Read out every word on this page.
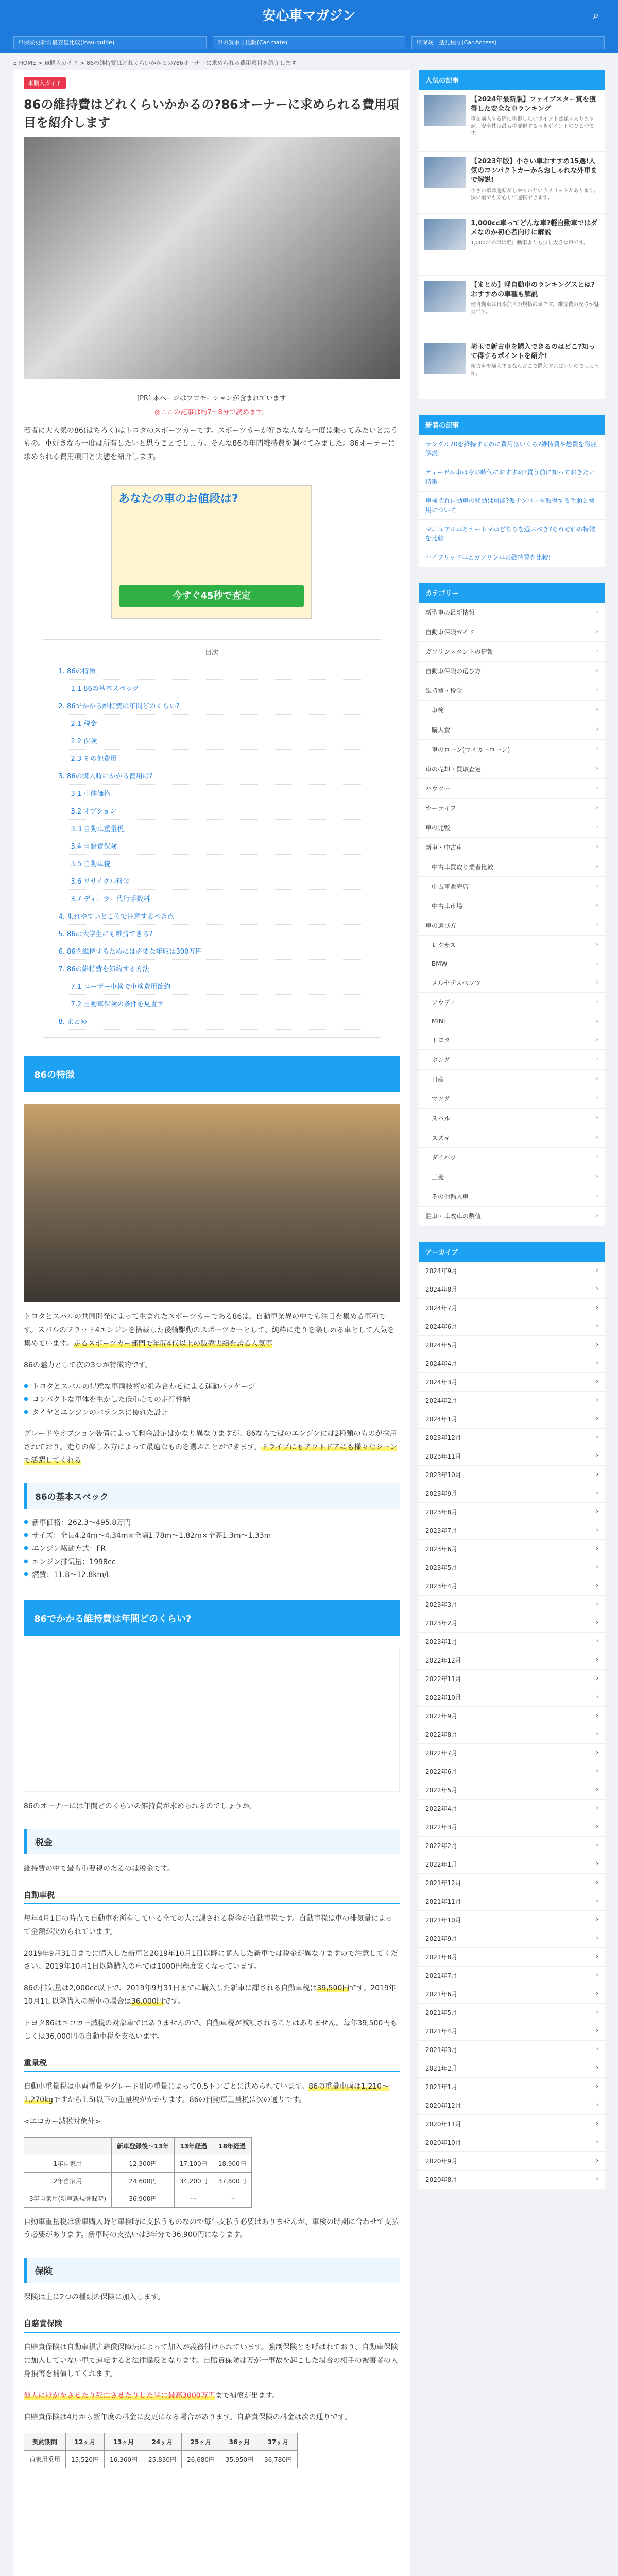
安心車マガジン	⌕
車保険更新の最安値比較(Insu-guide)	車の買取り比較(Car-mate)	車保険一括見積り(Car-Access)
⌂ HOME > 車購入ガイド > 86の維持費はどれくらいかかるの?86オーナーに求められる費用項目を紹介します
車購入ガイド
86の維持費はどれくらいかかるの?86オーナーに求められる費用項目を紹介します
[PR] 本ページはプロモーションが含まれています
◎ここの記事は約7～8分で読めます。

若者に大人気の86(はちろく)はトヨタのスポーツカーです。スポーツカーが好きな人なら一度は乗ってみたいと思うもの。車好きなら一度は所有したいと思うことでしょう。そんな86の年間維持費を調べてみました。86オーナーに求められる費用項目と実態を紹介します。

あなたの車のお値段は?
今すぐ45秒で査定
目次
1. 86の特徴
1.1 86の基本スペック
2. 86でかかる維持費は年間どのくらい?
2.1 税金
2.2 保険
2.3 その他費用
3. 86の購入時にかかる費用は?
3.1 車体価格
3.2 オプション
3.3 自動車重量税
3.4 自賠責保険
3.5 自動車税
3.6 リサイクル料金
3.7 ディーラー代行手数料
4. 乗れやすいところで注意するべき点
5. 86は大学生にも維持できる?
6. 86を維持するためには必要な年収は300万円
7. 86の維持費を節約する方法
7.1 ユーザー車検で車検費用節約
7.2 自動車保険の条件を見直す
8. まとめ
86の特徴

トヨタとスバルの共同開発によって生まれたスポーツカーである86は、自動車業界の中でも注目を集める車種です。スバルのフラット4エンジンを搭載した後輪駆動のスポーツカーとして、純粋に走りを楽しめる車として人気を集めています。走るスポーツカー部門で年間4代以上の販売実績を誇る人気車

86の魅力として次の3つが特徴的です。

● トヨタとスバルの得意な車両技術の組み合わせによる運動パッケージ
● コンパクトな車体を生かした低重心での走行性能
● タイヤとエンジンのバランスに優れた設計

グレードやオプション装備によって料金設定はかなり異なりますが、86ならではのエンジンには2種類のものが採用されており、走りの楽しみ方によって最適なものを選ぶことができます。ドライブにもアウトドアにも様々なシーンで活躍してくれる

86の基本スペック
● 新車価格：262.3～495.8万円
● サイズ：全長4.24m～4.34m×全幅1.78m～1.82m×全高1.3m～1.33m
● エンジン駆動方式：FR
● エンジン排気量：1998cc
● 燃費：11.8～12.8km/L
86でかかる維持費は年間どのくらい?

86のオーナーには年間どのくらいの維持費が求められるのでしょうか。

税金

維持費の中で最も重要視のあるのは税金です。

自動車税

毎年4月1日の時点で自動車を所有している全ての人に課される税金が自動車税です。自動車税は車の排気量によって金額が決められています。

2019年9月31日までに購入した新車と2019年10月1日以降に購入した新車では税金が異なりますので注意してください。2019年10月1日以降購入の車では1000円程度安くなっています。

86の排気量は2,000cc以下で、2019年9月31日までに購入した新車に課される自動車税は39,500円です。2019年10月1日以降購入の新車の場合は36,000円です。

トヨタ86はエコカー減税の対象車ではありませんので、自動車税が減額されることはありません。毎年39,500円もしくは36,000円の自動車税を支払います。

重量税

自動車重量税は車両重量やグレード別の重量によって0.5トンごとに決められています。86の重量車両は1,210～1,270kgですから1.5t以下の重量税がかかります。86の自動車重量税は次の通りです。

<エコカー減税対象外>

	新車登録後～13年	13年経過	18年経過
1年自家用	12,300円	17,100円	18,900円
2年自家用	24,600円	34,200円	37,800円
3年自家用(新車新規登録時)	36,900円	ー	ー

自動車重量税は新車購入時と車検時に支払うものなので毎年支払う必要はありませんが、車検の時期に合わせて支払う必要があります。新車時の支払いは3年分で36,900円になります。

保険

保険は主に2つの種類の保険に加入します。

自賠責保険

自賠責保険は自動車損害賠償保障法によって加入が義務付けられています。強制保険とも呼ばれており、自動車保険に加入していない車で運転すると法律違反となります。自賠責保険は万が一事故を起こした場合の相手の被害者の人身損害を補償してくれます。

他人にけがをさせたり死亡させたりした時に最高3000万円まで補償が出ます。

自賠責保険は4月から新年度の料金に変更になる場合があります。自賠責保険の料金は次の通りです。

契約期間	12ヶ月	13ヶ月	24ヶ月	25ヶ月	36ヶ月	37ヶ月
自家用乗用	15,520円	16,360円	25,830円	26,680円	35,950円	36,780円
人気の記事
【2024年最新版】ファイブスター賞を獲得した安全な車ランキング
車を購入する際に重視したいポイントは様々ありますが、安全性は最も重要視するべきポイントのひとつです。
【2023年版】小さい車おすすめ15選!人気のコンパクトカーからおしゃれな外車まで解説!
小さい車は運転がしやすいというメリットがあります。狭い道でも安心して運転できます。
1,000cc車ってどんな車?軽自動車ではダメなのか初心者向けに解説
1,000ccの車は軽自動車よりも少し大きな車です。
【まとめ】軽自動車のランキングスとは?おすすめの車種も解説
軽自動車は日本独自の規格の車です。維持費の安さが魅力です。
埼玉で新古車を購入できるのはどこ?知って得するポイントを紹介!
新古車を購入するならどこで購入すればいいのでしょうか。
新着の記事
ランクル70を維持するのに費用はいくら?維持費や燃費を徹底解説!
ディーゼル車は今の時代におすすめ?買う前に知っておきたい特徴
車検切れ自動車の移動は可能?仮ナンバーを取得する手順と費用について
マニュアル車とオートマ車どちらを選ぶべき?それぞれの特徴を比較
ハイブリッド車とガソリン車の維持費を比較!
カテゴリー
新型車の最新情報	›
自動車保険ガイド	›
ガソリンスタンドの情報	›
自動車保険の選び方	›
維持費・税金	›
車検	›
購入費	›
車のローン(マイカーローン)	›
車の売却・買取査定	›
ハウツー	›
カーライフ	›
車の比較	›
新車・中古車	›
中古車買取り業者比較	›
中古車販売店	›
中古車市場	›
車の選び方	›
レクサス	›
BMW	›
メルセデスベンツ	›
アウディ	›
MINI	›
トヨタ	›
ホンダ	›
日産	›
マツダ	›
スバル	›
スズキ	›
ダイハツ	›
三菱	›
その他輸入車	›
駐車・車改車の数値	›
アーカイブ
2024年9月	›
2024年8月	›
2024年7月	›
2024年6月	›
2024年5月	›
2024年4月	›
2024年3月	›
2024年2月	›
2024年1月	›
2023年12月	›
2023年11月	›
2023年10月	›
2023年9月	›
2023年8月	›
2023年7月	›
2023年6月	›
2023年5月	›
2023年4月	›
2023年3月	›
2023年2月	›
2023年1月	›
2022年12月	›
2022年11月	›
2022年10月	›
2022年9月	›
2022年8月	›
2022年7月	›
2022年6月	›
2022年5月	›
2022年4月	›
2022年3月	›
2022年2月	›
2022年1月	›
2021年12月	›
2021年11月	›
2021年10月	›
2021年9月	›
2021年8月	›
2021年7月	›
2021年6月	›
2021年5月	›
2021年4月	›
2021年3月	›
2021年2月	›
2021年1月	›
2020年12月	›
2020年11月	›
2020年10月	›
2020年9月	›
2020年8月	›
